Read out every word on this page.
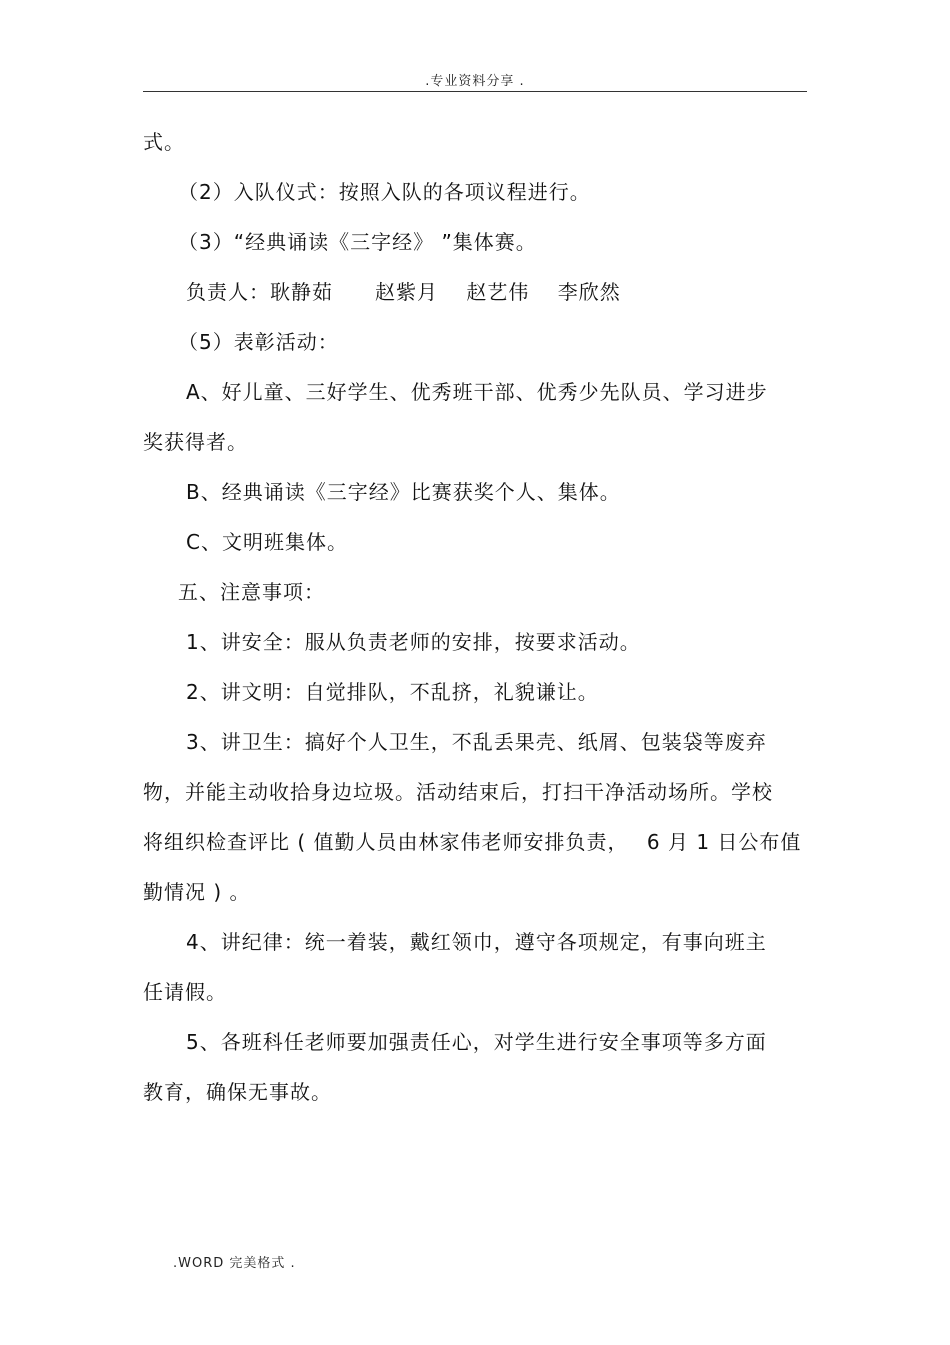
.专业资料分享 .
式。
（2）入队仪式：按照入队的各项议程进行。
（3）“经典诵读《三字经》 ”集体赛。
负责人：耿静茹　　赵紫月　 赵艺伟　 李欣然
（5）表彰活动：
A、好儿童、三好学生、优秀班干部、优秀少先队员、学习进步
奖获得者。
B、经典诵读《三字经》比赛获奖个人、集体。
C、文明班集体。
五、注意事项：
1、讲安全：服从负责老师的安排，按要求活动。
2、讲文明：自觉排队，不乱挤，礼貌谦让。
3、讲卫生：搞好个人卫生，不乱丢果壳、纸屑、包装袋等废弃
物，并能主动收拾身边垃圾。活动结束后，打扫干净活动场所。学校
将组织检查评比 ( 值勤人员由林家伟老师安排负责，　 6 月 1 日公布值
勤情况 ) 。
4、讲纪律：统一着装，戴红领巾，遵守各项规定，有事向班主
任请假。
5、各班科任老师要加强责任心，对学生进行安全事项等多方面
教育，确保无事故。
.WORD 完美格式 .
